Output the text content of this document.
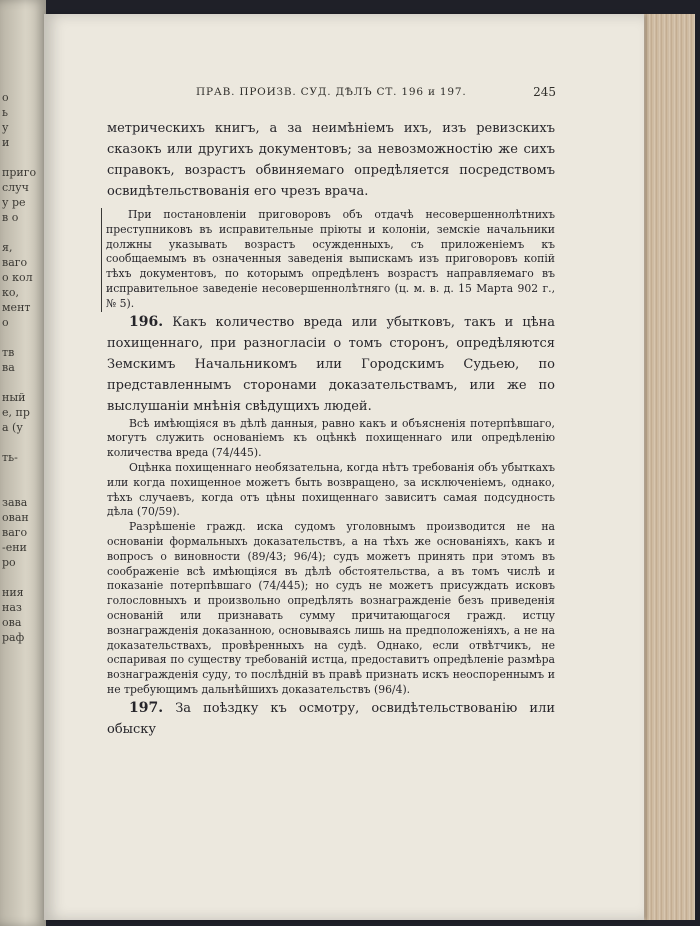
о
ь
у
и

приго
случ
у ре
в о

я,
ваго
о кол
ко,
мент
о

тв
ва

ный
е, пр
а (у

ть-

зава
ован
ваго
-ени
ро

ния
наз
ова
раф
ПРАВ. ПРОИЗВ. СУД. ДѢЛЪ СТ. 196 и 197.	245

метрическихъ книгъ, а за неимѣніемъ ихъ, изъ ревизскихъ сказокъ или другихъ документовъ; за невозможностію же сихъ справокъ, возрастъ обвиняемаго опредѣляется посредствомъ освидѣтельствованія его чрезъ врача.

При постановленіи приговоровъ объ отдачѣ несовершеннолѣтнихъ преступниковъ въ исправительные пріюты и колоніи, земскіе начальники должны указывать возрастъ осужденныхъ, съ приложеніемъ къ сообщаемымъ въ означенныя заведенія выпискамъ изъ приговоровъ копій тѣхъ документовъ, по которымъ опредѣленъ возрастъ направляемаго въ исправительное заведеніе несовершеннолѣтняго (ц. м. в. д. 15 Марта 902 г., № 5).

196. Какъ количество вреда или убытковъ, такъ и цѣна похищеннаго, при разногласіи о томъ сторонъ, опредѣляются Земскимъ Начальникомъ или Городскимъ Судьею, по представленнымъ сторонами доказательствамъ, или же по выслушаніи мнѣнія свѣдущихъ людей.

Всѣ имѣющіяся въ дѣлѣ данныя, равно какъ и объясненія потерпѣвшаго, могутъ служить основаніемъ къ оцѣнкѣ похищеннаго или опредѣленію количества вреда (74/445).

Оцѣнка похищеннаго необязательна, когда нѣтъ требованія объ убыткахъ или когда похищенное можетъ быть возвращено, за исключеніемъ, однако, тѣхъ случаевъ, когда отъ цѣны похищеннаго зависитъ самая подсудность дѣла (70/59).

Разрѣшеніе гражд. иска судомъ уголовнымъ производится не на основаніи формальныхъ доказательствъ, а на тѣхъ же основаніяхъ, какъ и вопросъ о виновности (89/43; 96/4); судъ можетъ принять при этомъ въ соображеніе всѣ имѣющіяся въ дѣлѣ обстоятельства, а въ томъ числѣ и показаніе потерпѣвшаго (74/445); но судъ не можетъ присуждать исковъ голословныхъ и произвольно опредѣлять вознагражденіе безъ приведенія основаній или признавать сумму причитающагося гражд. истцу вознагражденія доказанною, основываясь лишь на предположеніяхъ, а не на доказательствахъ, провѣренныхъ на судѣ. Однако, если отвѣтчикъ, не оспаривая по существу требованій истца, предоставитъ опредѣленіе размѣра вознагражденія суду, то послѣдній въ правѣ признать искъ неоспореннымъ и не требующимъ дальнѣйшихъ доказательствъ (96/4).

197. За поѣздку къ осмотру, освидѣтельствованію или обыску
